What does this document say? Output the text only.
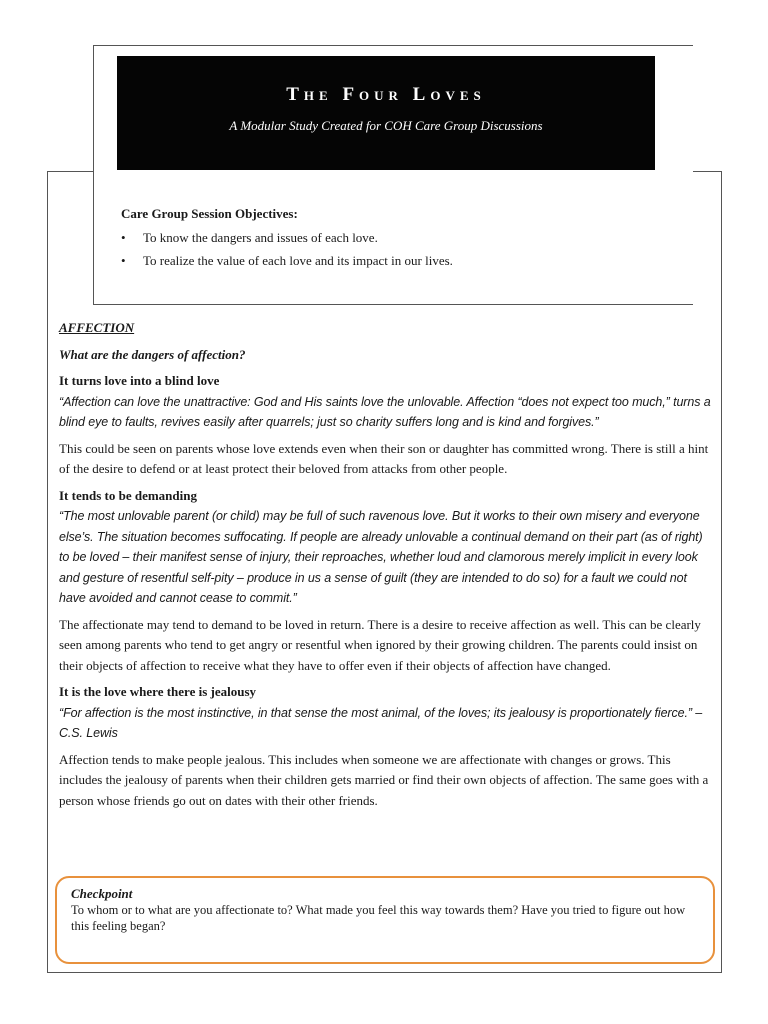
The Four Loves
A Modular Study Created for COH Care Group Discussions
Care Group Session Objectives:
• To know the dangers and issues of each love.
• To realize the value of each love and its impact in our lives.
AFFECTION
What are the dangers of affection?
It turns love into a blind love
“Affection can love the unattractive: God and His saints love the unlovable. Affection “does not expect too much,” turns a blind eye to faults, revives easily after quarrels; just so charity suffers long and is kind and forgives.”
This could be seen on parents whose love extends even when their son or daughter has committed wrong. There is still a hint of the desire to defend or at least protect their beloved from attacks from other people.
It tends to be demanding
“The most unlovable parent (or child) may be full of such ravenous love. But it works to their own misery and everyone else’s. The situation becomes suffocating. If people are already unlovable a continual demand on their part (as of right) to be loved – their manifest sense of injury, their reproaches, whether loud and clamorous merely implicit in every look and gesture of resentful self-pity – produce in us a sense of guilt (they are intended to do so) for a fault we could not have avoided and cannot cease to commit.”
The affectionate may tend to demand to be loved in return. There is a desire to receive affection as well. This can be clearly seen among parents who tend to get angry or resentful when ignored by their growing children. The parents could insist on their objects of affection to receive what they have to offer even if their objects of affection have changed.
It is the love where there is jealousy
“For affection is the most instinctive, in that sense the most animal, of the loves; its jealousy is proportionately fierce.” – C.S. Lewis
Affection tends to make people jealous. This includes when someone we are affectionate with changes or grows. This includes the jealousy of parents when their children gets married or find their own objects of affection. The same goes with a person whose friends go out on dates with their other friends.
Checkpoint
To whom or to what are you affectionate to? What made you feel this way towards them? Have you tried to figure out how this feeling began?
